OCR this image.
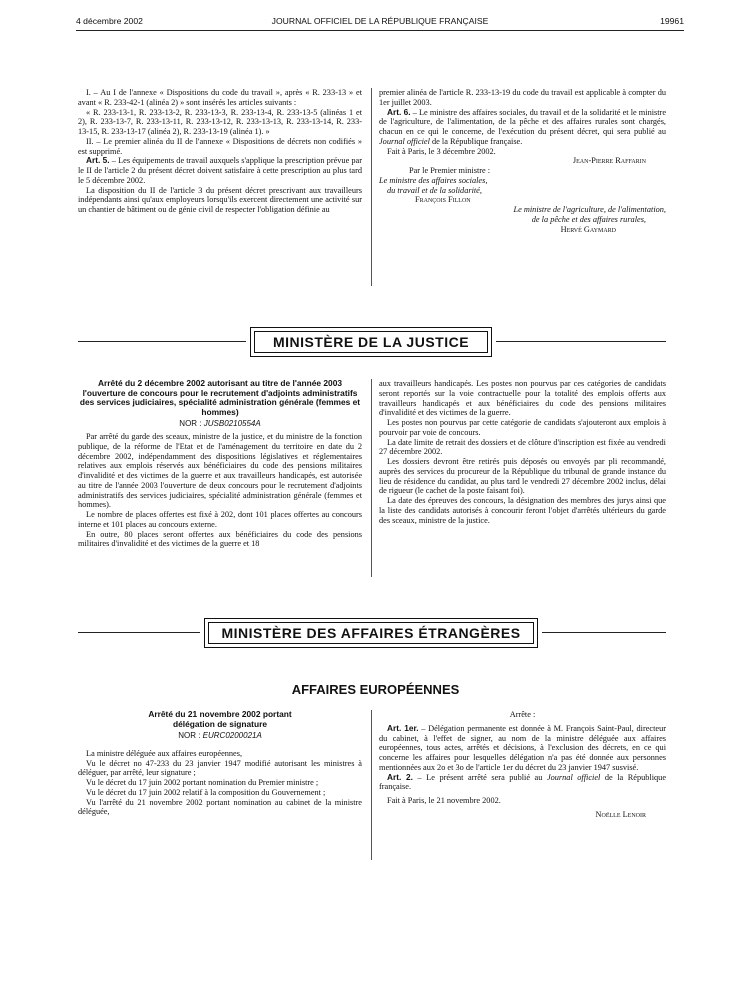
4 décembre 2002	JOURNAL OFFICIEL DE LA RÉPUBLIQUE FRANÇAISE	19961

I. – Au I de l'annexe « Dispositions du code du travail », après « R. 233-13 » et avant « R. 233-42-1 (alinéa 2) » sont insérés les articles suivants :

« R. 233-13-1, R. 233-13-2, R. 233-13-3, R. 233-13-4, R. 233-13-5 (alinéas 1 et 2), R. 233-13-7, R. 233-13-11, R. 233-13-12, R. 233-13-13, R. 233-13-14, R. 233-13-15, R. 233-13-17 (alinéa 2), R. 233-13-19 (alinéa 1). »

II. – Le premier alinéa du II de l'annexe « Dispositions de décrets non codifiés » est supprimé.

Art. 5. – Les équipements de travail auxquels s'applique la prescription prévue par le II de l'article 2 du présent décret doivent satisfaire à cette prescription au plus tard le 5 décembre 2002.

La disposition du II de l'article 3 du présent décret prescrivant aux travailleurs indépendants ainsi qu'aux employeurs lorsqu'ils exercent directement une activité sur un chantier de bâtiment ou de génie civil de respecter l'obligation définie au

premier alinéa de l'article R. 233-13-19 du code du travail est applicable à compter du 1er juillet 2003.

Art. 6. – Le ministre des affaires sociales, du travail et de la solidarité et le ministre de l'agriculture, de l'alimentation, de la pêche et des affaires rurales sont chargés, chacun en ce qui le concerne, de l'exécution du présent décret, qui sera publié au Journal officiel de la République française.

Fait à Paris, le 3 décembre 2002.

Jean-Pierre Raffarin

Par le Premier ministre :

Le ministre des affaires sociales,

du travail et de la solidarité,

François Fillon

Le ministre de l'agriculture, de l'alimentation,

de la pêche et des affaires rurales,

Hervé Gaymard

MINISTÈRE DE LA JUSTICE
Arrêté du 2 décembre 2002 autorisant au titre de l'année 2003 l'ouverture de concours pour le recrutement d'adjoints administratifs des services judiciaires, spécialité administration générale (femmes et hommes)
NOR : JUSB0210554A

Par arrêté du garde des sceaux, ministre de la justice, et du ministre de la fonction publique, de la réforme de l'Etat et de l'aménagement du territoire en date du 2 décembre 2002, indépendamment des dispositions législatives et réglementaires relatives aux emplois réservés aux bénéficiaires du code des pensions militaires d'invalidité et des victimes de la guerre et aux travailleurs handicapés, est autorisée au titre de l'année 2003 l'ouverture de deux concours pour le recrutement d'adjoints administratifs des services judiciaires, spécialité administration générale (femmes et hommes).

Le nombre de places offertes est fixé à 202, dont 101 places offertes au concours interne et 101 places au concours externe.

En outre, 80 places seront offertes aux bénéficiaires du code des pensions militaires d'invalidité et des victimes de la guerre et 18

aux travailleurs handicapés. Les postes non pourvus par ces catégories de candidats seront reportés sur la voie contractuelle pour la totalité des emplois offerts aux travailleurs handicapés et aux bénéficiaires du code des pensions militaires d'invalidité et des victimes de la guerre.

Les postes non pourvus par cette catégorie de candidats s'ajouteront aux emplois à pourvoir par voie de concours.

La date limite de retrait des dossiers et de clôture d'inscription est fixée au vendredi 27 décembre 2002.

Les dossiers devront être retirés puis déposés ou envoyés par pli recommandé, auprès des services du procureur de la République du tribunal de grande instance du lieu de résidence du candidat, au plus tard le vendredi 27 décembre 2002 inclus, délai de rigueur (le cachet de la poste faisant foi).

La date des épreuves des concours, la désignation des membres des jurys ainsi que la liste des candidats autorisés à concourir feront l'objet d'arrêtés ultérieurs du garde des sceaux, ministre de la justice.

MINISTÈRE DES AFFAIRES ÉTRANGÈRES
AFFAIRES EUROPÉENNES
Arrêté du 21 novembre 2002 portant délégation de signature
NOR : EURC0200021A

La ministre déléguée aux affaires européennes,

Vu le décret no 47-233 du 23 janvier 1947 modifié autorisant les ministres à déléguer, par arrêté, leur signature ;

Vu le décret du 17 juin 2002 portant nomination du Premier ministre ;

Vu le décret du 17 juin 2002 relatif à la composition du Gouvernement ;

Vu l'arrêté du 21 novembre 2002 portant nomination au cabinet de la ministre déléguée,

Arrête :

Art. 1er. – Délégation permanente est donnée à M. François Saint-Paul, directeur du cabinet, à l'effet de signer, au nom de la ministre déléguée aux affaires européennes, tous actes, arrêtés et décisions, à l'exclusion des décrets, en ce qui concerne les affaires pour lesquelles délégation n'a pas été donnée aux personnes mentionnées aux 2o et 3o de l'article 1er du décret du 23 janvier 1947 susvisé.

Art. 2. – Le présent arrêté sera publié au Journal officiel de la République française.

Fait à Paris, le 21 novembre 2002.

Noëlle Lenoir
